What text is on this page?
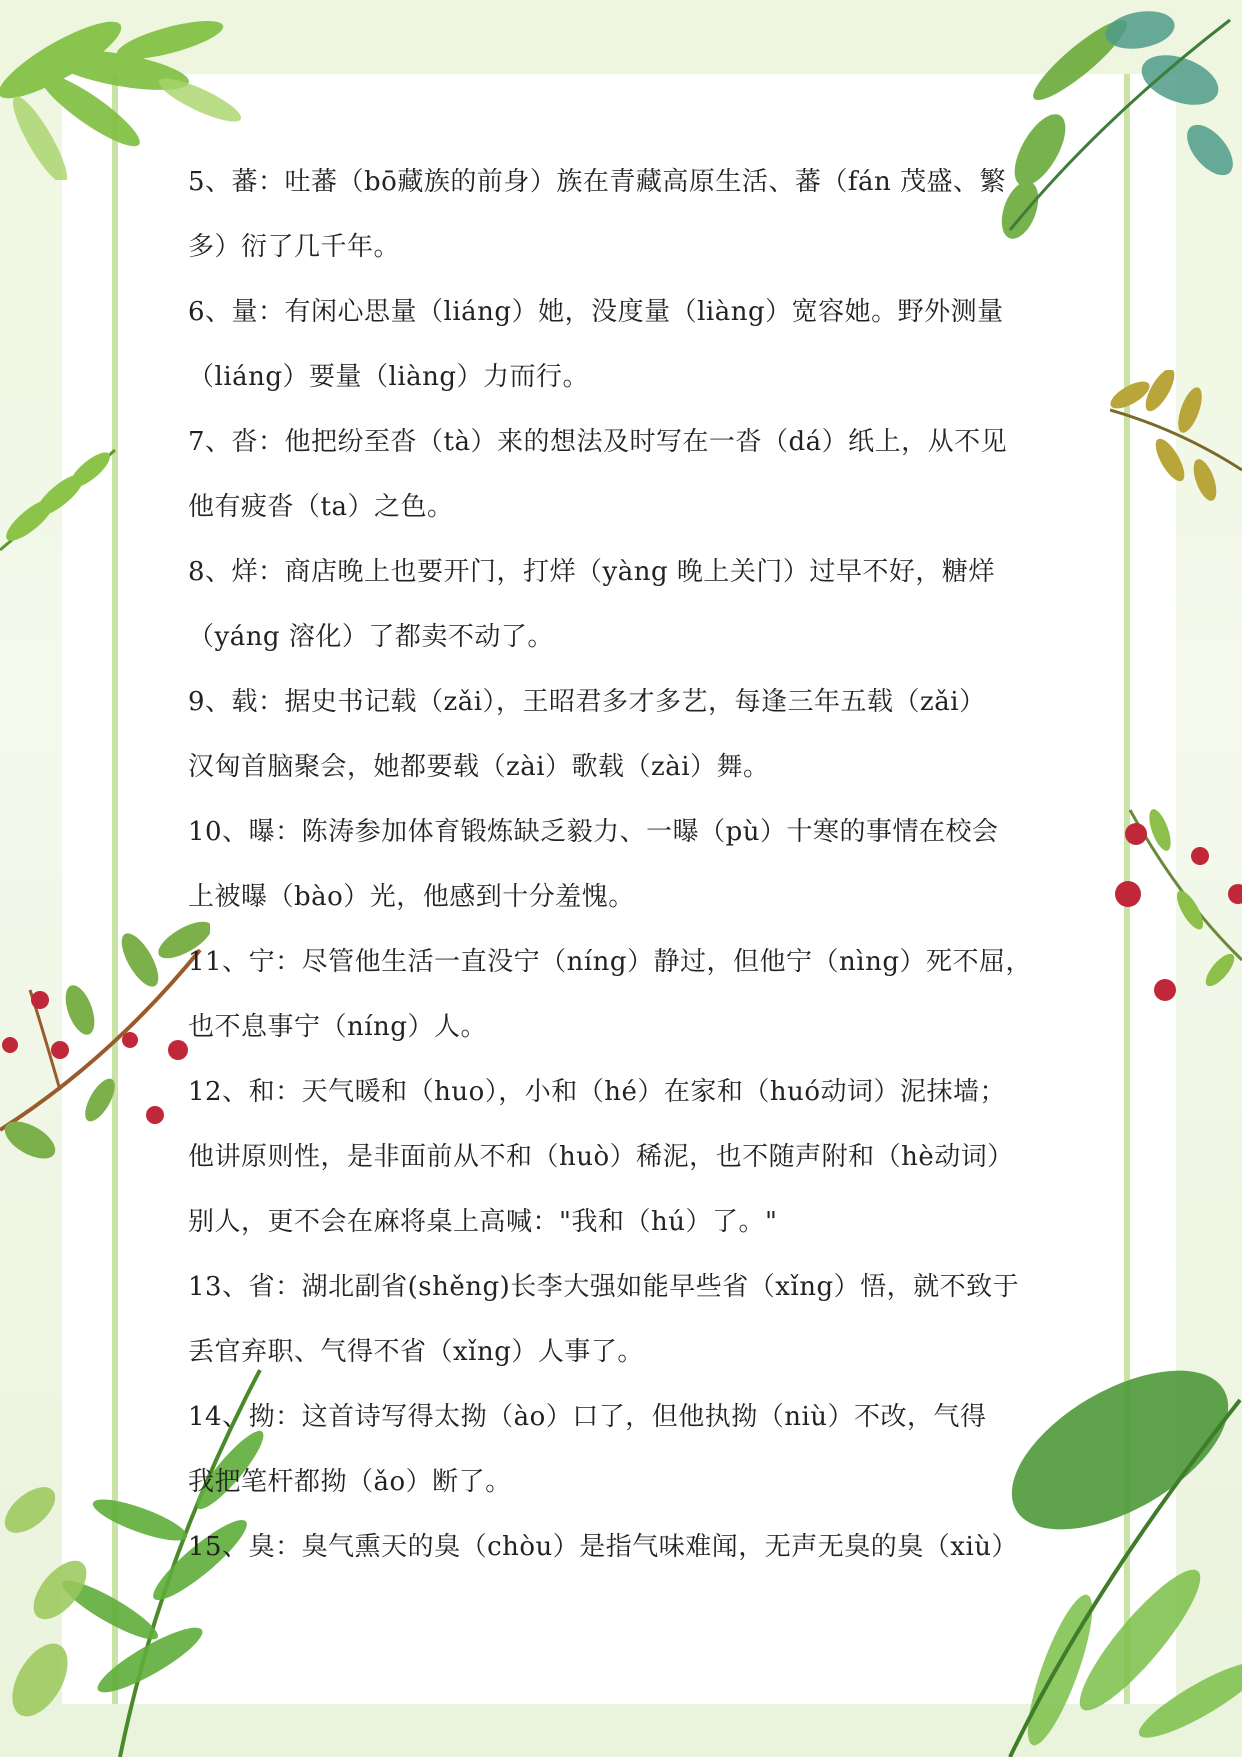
5、蕃：吐蕃（bō藏族的前身）族在青藏高原生活、蕃（fán 茂盛、繁

多）衍了几千年。

6、量：有闲心思量（liáng）她，没度量（liàng）宽容她。野外测量

（liáng）要量（liàng）力而行。

7、沓：他把纷至沓（tà）来的想法及时写在一沓（dá）纸上，从不见

他有疲沓（ta）之色。

8、烊：商店晚上也要开门，打烊（yàng 晚上关门）过早不好，糖烊

（yáng 溶化）了都卖不动了。

9、载：据史书记载（zǎi），王昭君多才多艺，每逢三年五载（zǎi）

汉匈首脑聚会，她都要载（zài）歌载（zài）舞。

10、曝：陈涛参加体育锻炼缺乏毅力、一曝（pù）十寒的事情在校会

上被曝（bào）光，他感到十分羞愧。

11、宁：尽管他生活一直没宁（níng）静过，但他宁（nìng）死不屈，

也不息事宁（níng）人。

12、和：天气暖和（huo），小和（hé）在家和（huó动词）泥抹墙；

他讲原则性，是非面前从不和（huò）稀泥，也不随声附和（hè动词）

别人，更不会在麻将桌上高喊："我和（hú）了。"

13、省：湖北副省(shěng)长李大强如能早些省（xǐng）悟，就不致于

丢官弃职、气得不省（xǐng）人事了。

14、拗：这首诗写得太拗（ào）口了，但他执拗（niù）不改，气得

我把笔杆都拗（ǎo）断了。

15、臭：臭气熏天的臭（chòu）是指气味难闻，无声无臭的臭（xiù）
